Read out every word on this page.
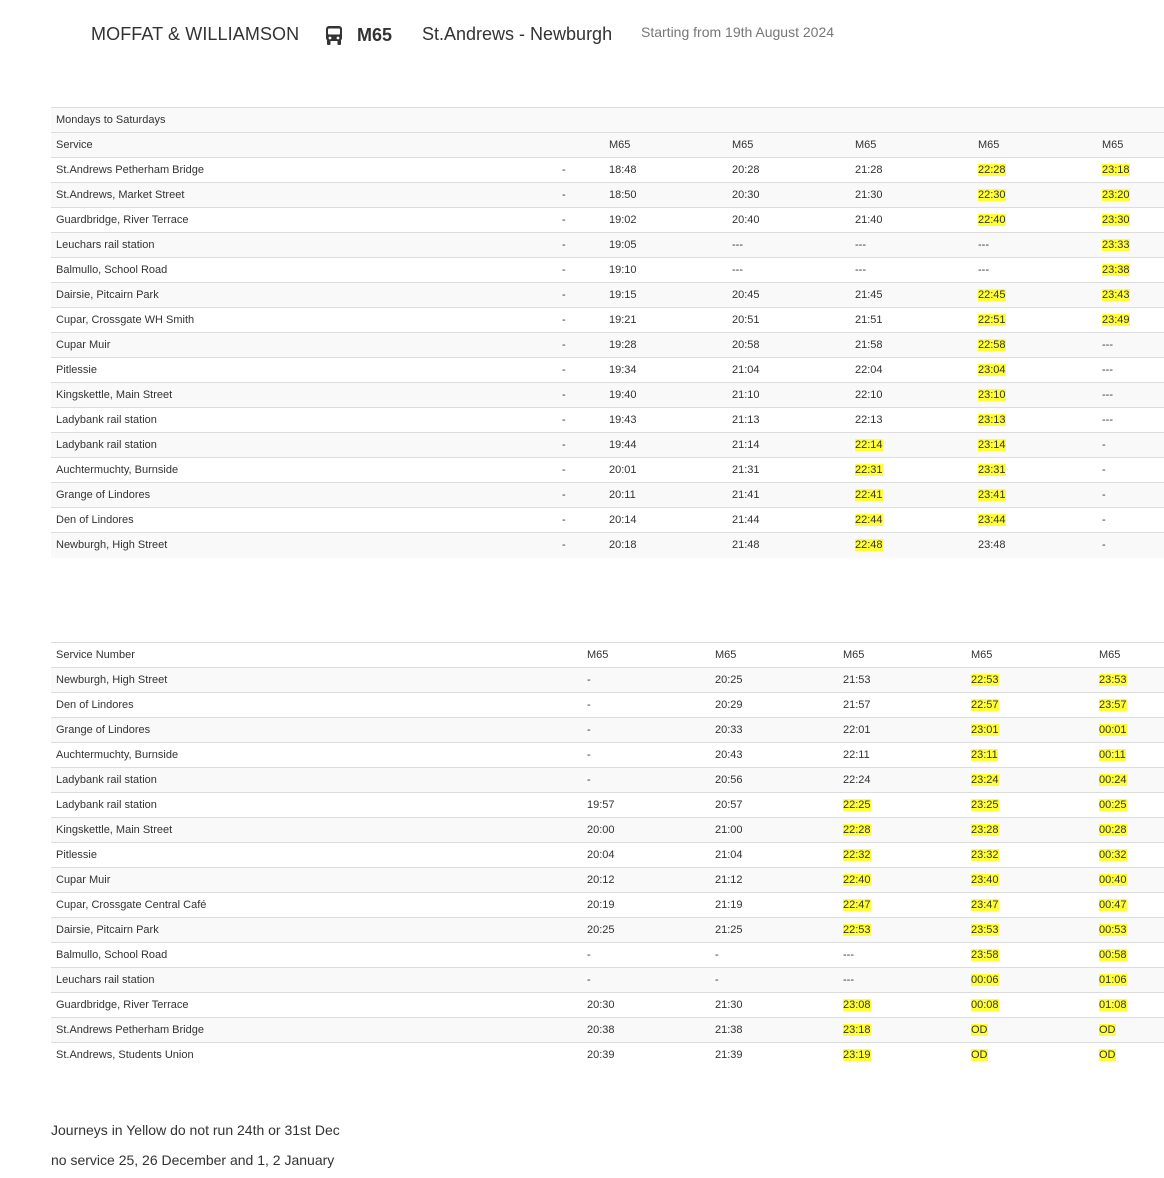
MOFFAT & WILLIAMSON	M65 St.Andrews - Newburgh Starting from 19th August 2024
Mondays to Saturdays							
Service		M65	M65	M65	M65	M65	
St.Andrews Petherham Bridge	-	18:48	20:28	21:28	22:28	23:18	
St.Andrews, Market Street	-	18:50	20:30	21:30	22:30	23:20	
Guardbridge, River Terrace	-	19:02	20:40	21:40	22:40	23:30	
Leuchars rail station	-	19:05	---	---	---	23:33	
Balmullo, School Road	-	19:10	---	---	---	23:38	
Dairsie, Pitcairn Park	-	19:15	20:45	21:45	22:45	23:43	
Cupar, Crossgate WH Smith	-	19:21	20:51	21:51	22:51	23:49	
Cupar Muir	-	19:28	20:58	21:58	22:58	---	
Pitlessie	-	19:34	21:04	22:04	23:04	---	
Kingskettle, Main Street	-	19:40	21:10	22:10	23:10	---	
Ladybank rail station	-	19:43	21:13	22:13	23:13	---	
Ladybank rail station	-	19:44	21:14	22:14	23:14	-	
Auchtermuchty, Burnside	-	20:01	21:31	22:31	23:31	-	
Grange of Lindores	-	20:11	21:41	22:41	23:41	-	
Den of Lindores	-	20:14	21:44	22:44	23:44	-	
Newburgh, High Street	-	20:18	21:48	22:48	23:48	-	
Service Number	M65	M65	M65	M65	M65	
Newburgh, High Street	-	20:25	21:53	22:53	23:53	
Den of Lindores	-	20:29	21:57	22:57	23:57	
Grange of Lindores	-	20:33	22:01	23:01	00:01	
Auchtermuchty, Burnside	-	20:43	22:11	23:11	00:11	
Ladybank rail station	-	20:56	22:24	23:24	00:24	
Ladybank rail station	19:57	20:57	22:25	23:25	00:25	
Kingskettle, Main Street	20:00	21:00	22:28	23:28	00:28	
Pitlessie	20:04	21:04	22:32	23:32	00:32	
Cupar Muir	20:12	21:12	22:40	23:40	00:40	
Cupar, Crossgate Central Café	20:19	21:19	22:47	23:47	00:47	
Dairsie, Pitcairn Park	20:25	21:25	22:53	23:53	00:53	
Balmullo, School Road	-	-	---	23:58	00:58	
Leuchars rail station	-	-	---	00:06	01:06	
Guardbridge, River Terrace	20:30	21:30	23:08	00:08	01:08	
St.Andrews Petherham Bridge	20:38	21:38	23:18	OD	OD	
St.Andrews, Students Union	20:39	21:39	23:19	OD	OD	
Journeys in Yellow do not run 24th or 31st Dec
no service 25, 26 December and 1, 2 January
